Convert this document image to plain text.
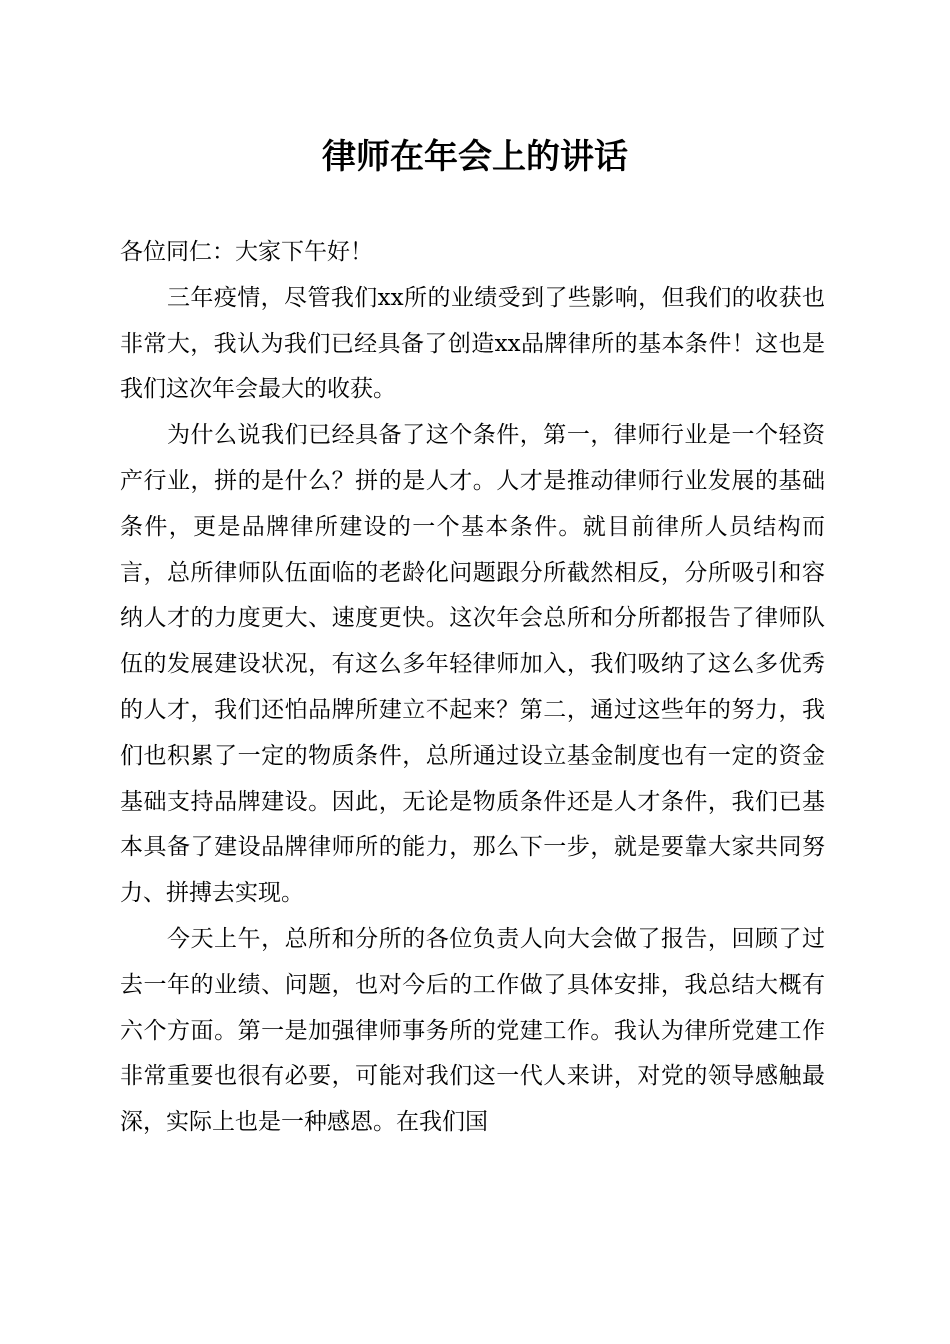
律师在年会上的讲话

各位同仁：大家下午好！

三年疫情，尽管我们xx所的业绩受到了些影响，但我们的收获也非常大，我认为我们已经具备了创造xx品牌律所的基本条件！这也是我们这次年会最大的收获。

为什么说我们已经具备了这个条件，第一，律师行业是一个轻资产行业，拼的是什么？拼的是人才。人才是推动律师行业发展的基础条件，更是品牌律所建设的一个基本条件。就目前律所人员结构而言，总所律师队伍面临的老龄化问题跟分所截然相反，分所吸引和容纳人才的力度更大、速度更快。这次年会总所和分所都报告了律师队伍的发展建设状况，有这么多年轻律师加入，我们吸纳了这么多优秀的人才，我们还怕品牌所建立不起来？第二，通过这些年的努力，我们也积累了一定的物质条件，总所通过设立基金制度也有一定的资金基础支持品牌建设。因此，无论是物质条件还是人才条件，我们已基本具备了建设品牌律师所的能力，那么下一步，就是要靠大家共同努力、拼搏去实现。

今天上午，总所和分所的各位负责人向大会做了报告，回顾了过去一年的业绩、问题，也对今后的工作做了具体安排，我总结大概有六个方面。第一是加强律师事务所的党建工作。我认为律所党建工作非常重要也很有必要，可能对我们这一代人来讲，对党的领导感触最深，实际上也是一种感恩。在我们国
